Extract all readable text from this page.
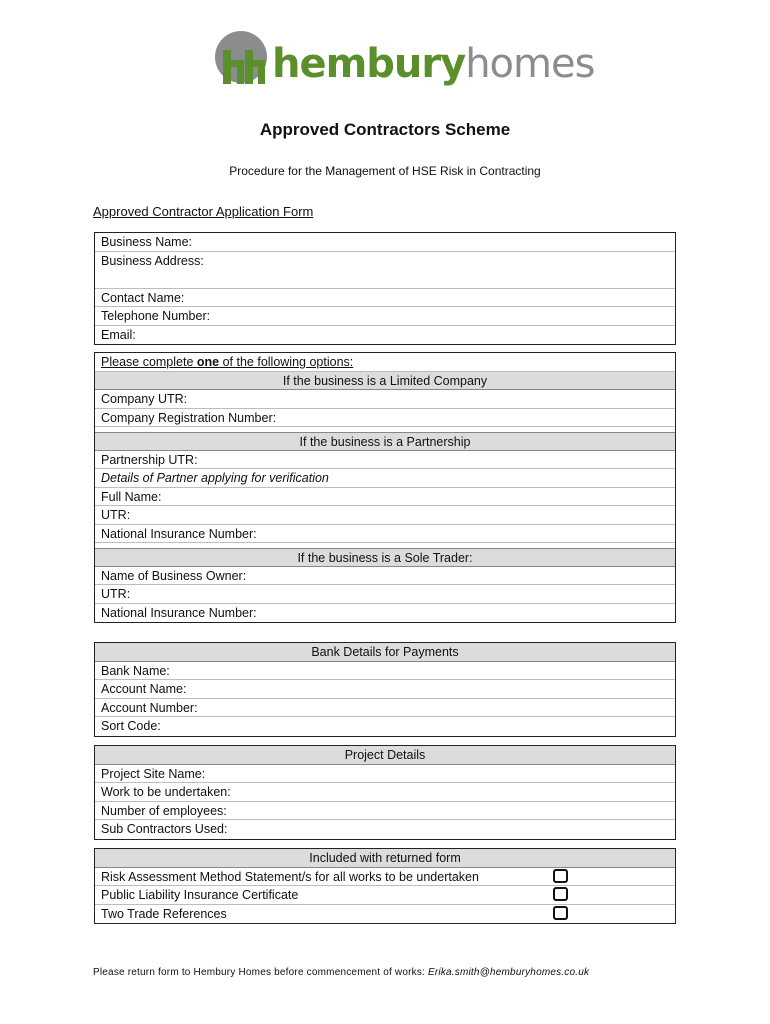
hemburyhomes
Approved Contractors Scheme
Procedure for the Management of HSE Risk in Contracting
Approved Contractor Application Form
Business Name:
Business Address:
Contact Name:
Telephone Number:
Email:
Please complete one of the following options:
If the business is a Limited Company
Company UTR:
Company Registration Number:
If the business is a Partnership
Partnership UTR:
Details of Partner applying for verification
Full Name:
UTR:
National Insurance Number:
If the business is a Sole Trader:
Name of Business Owner:
UTR:
National Insurance Number:
Bank Details for Payments
Bank Name:
Account Name:
Account Number:
Sort Code:
Project Details
Project Site Name:
Work to be undertaken:
Number of employees:
Sub Contractors Used:
Included with returned form
Risk Assessment Method Statement/s for all works to be undertaken
Public Liability Insurance Certificate
Two Trade References
Please return form to Hembury Homes before commencement of works: Erika.smith@hemburyhomes.co.uk
